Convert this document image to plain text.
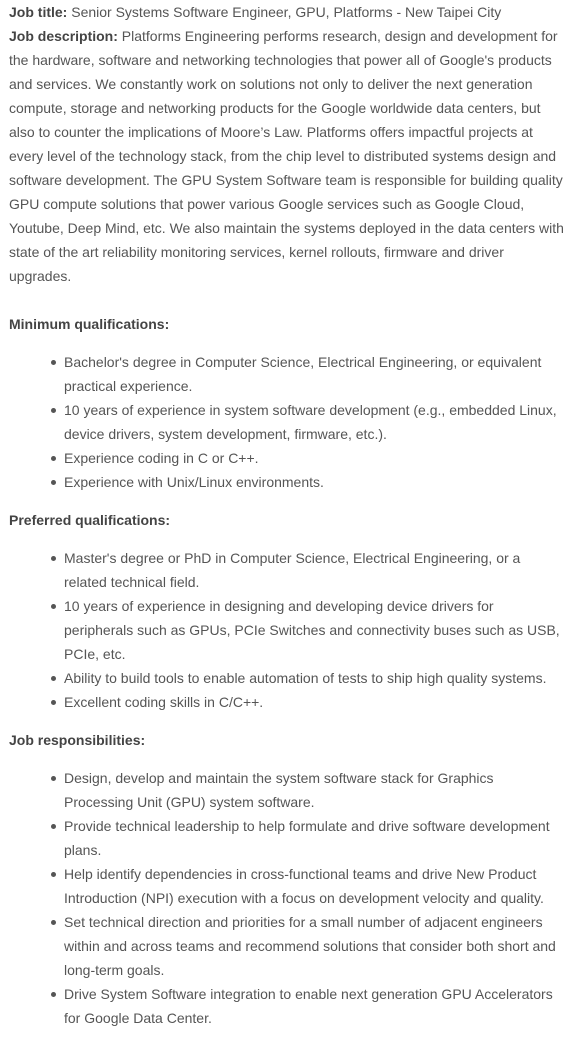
Job title: Senior Systems Software Engineer, GPU, Platforms - New Taipei City

Job description: Platforms Engineering performs research, design and development for the hardware, software and networking technologies that power all of Google's products and services. We constantly work on solutions not only to deliver the next generation compute, storage and networking products for the Google worldwide data centers, but also to counter the implications of Moore’s Law. Platforms offers impactful projects at every level of the technology stack, from the chip level to distributed systems design and software development. The GPU System Software team is responsible for building quality GPU compute solutions that power various Google services such as Google Cloud, Youtube, Deep Mind, etc. We also maintain the systems deployed in the data centers with state of the art reliability monitoring services, kernel rollouts, firmware and driver upgrades.

Minimum qualifications:

Bachelor's degree in Computer Science, Electrical Engineering, or equivalent practical experience.
10 years of experience in system software development (e.g., embedded Linux, device drivers, system development, firmware, etc.).
Experience coding in C or C++.
Experience with Unix/Linux environments.

Preferred qualifications:

Master's degree or PhD in Computer Science, Electrical Engineering, or a related technical field.
10 years of experience in designing and developing device drivers for peripherals such as GPUs, PCIe Switches and connectivity buses such as USB, PCIe, etc.
Ability to build tools to enable automation of tests to ship high quality systems.
Excellent coding skills in C/C++.

Job responsibilities:

Design, develop and maintain the system software stack for Graphics Processing Unit (GPU) system software.
Provide technical leadership to help formulate and drive software development plans.
Help identify dependencies in cross-functional teams and drive New Product Introduction (NPI) execution with a focus on development velocity and quality.
Set technical direction and priorities for a small number of adjacent engineers within and across teams and recommend solutions that consider both short and long-term goals.
Drive System Software integration to enable next generation GPU Accelerators for Google Data Center.
